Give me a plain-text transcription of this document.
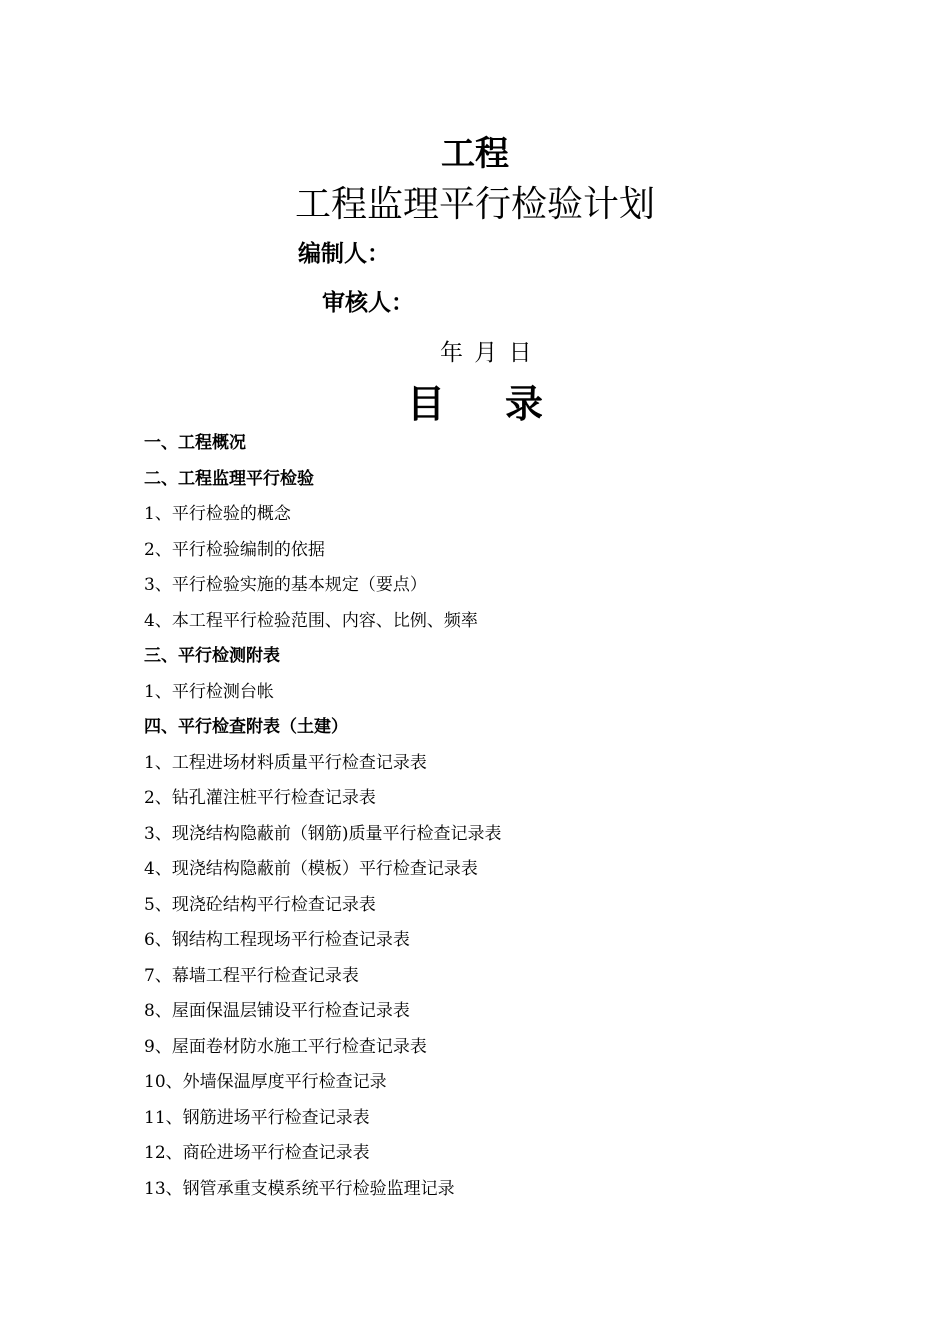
工程
工程监理平行检验计划
编制人：
审核人：
年 月 日
目 录
一、工程概况
二、工程监理平行检验
1、平行检验的概念
2、平行检验编制的依据
3、平行检验实施的基本规定（要点）
4、本工程平行检验范围、内容、比例、频率
三、平行检测附表
1、平行检测台帐
四、平行检查附表（土建）
1、工程进场材料质量平行检查记录表
2、钻孔灌注桩平行检查记录表
3、现浇结构隐蔽前（钢筋)质量平行检查记录表
4、现浇结构隐蔽前（模板）平行检查记录表
5、现浇砼结构平行检查记录表
6、钢结构工程现场平行检查记录表
7、幕墙工程平行检查记录表
8、屋面保温层铺设平行检查记录表
9、屋面卷材防水施工平行检查记录表
10、外墙保温厚度平行检查记录
11、钢筋进场平行检查记录表
12、商砼进场平行检查记录表
13、钢管承重支模系统平行检验监理记录
